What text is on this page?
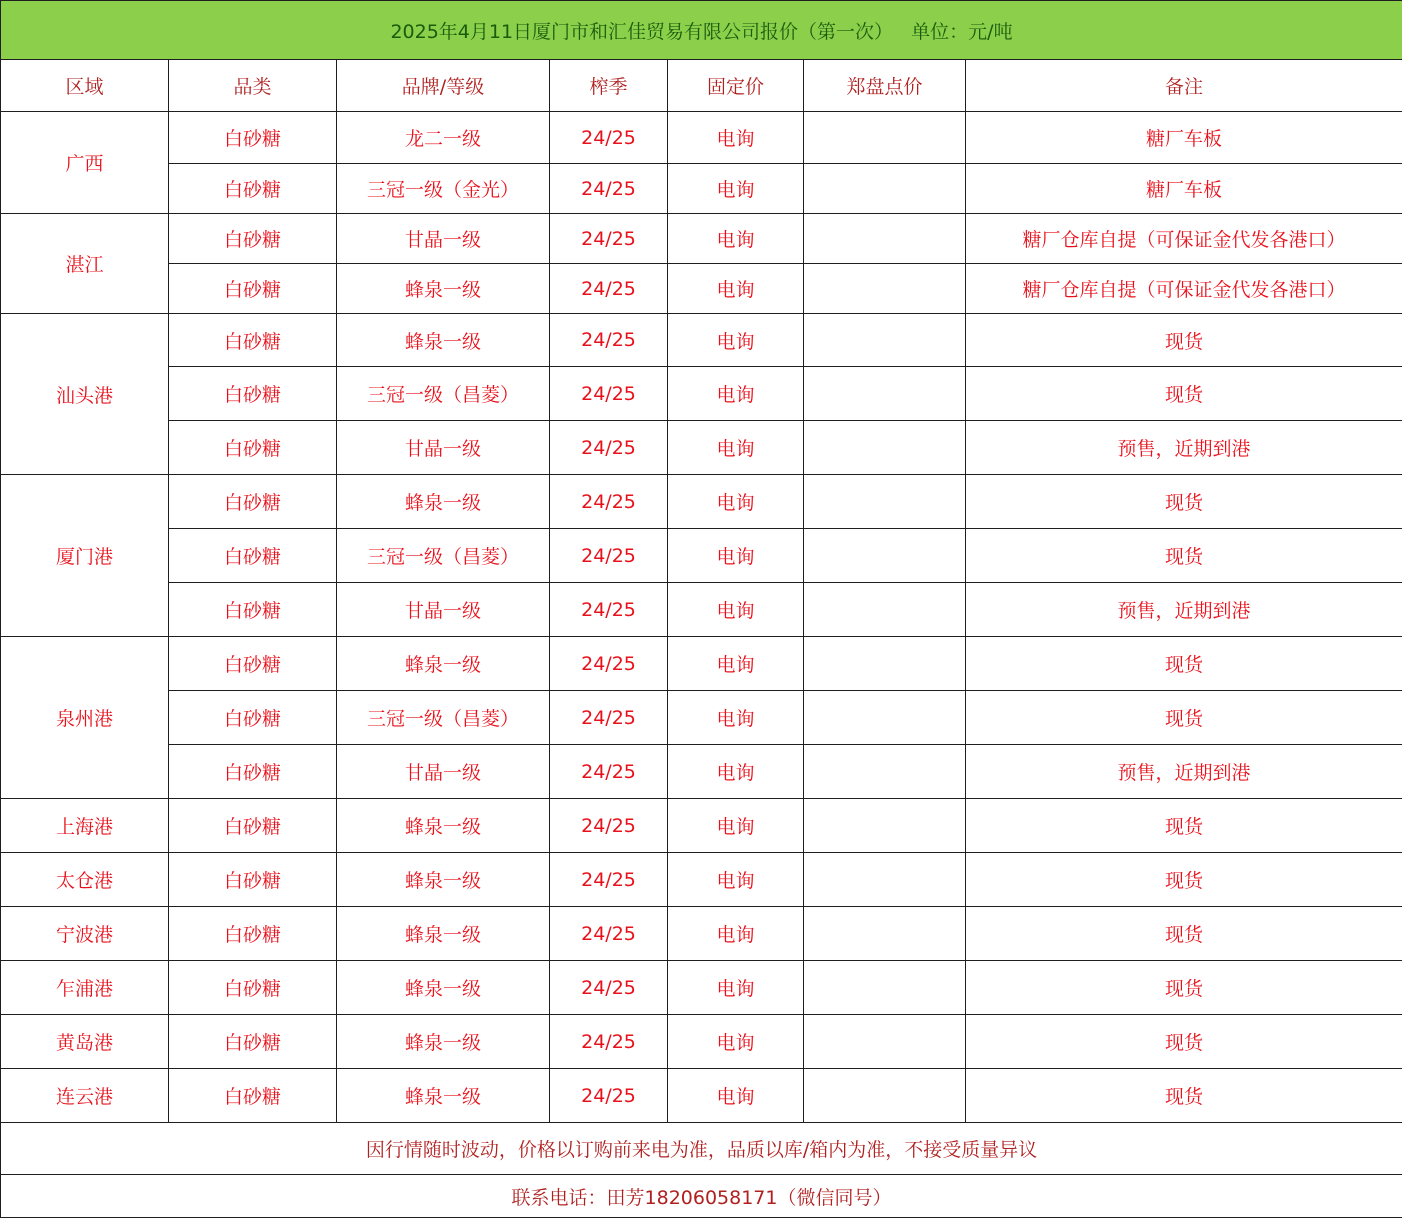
2025年4月11日厦门市和汇佳贸易有限公司报价（第一次）   单位：元/吨						
区域	品类	品牌/等级	榨季	固定价	郑盘点价	备注
广西	白砂糖	龙二一级	24/25	电询		糖厂车板
	白砂糖	三冠一级（金光）	24/25	电询		糖厂车板
湛江	白砂糖	甘晶一级	24/25	电询		糖厂仓库自提（可保证金代发各港口）
	白砂糖	蜂泉一级	24/25	电询		糖厂仓库自提（可保证金代发各港口）
汕头港	白砂糖	蜂泉一级	24/25	电询		现货
	白砂糖	三冠一级（昌菱）	24/25	电询		现货
	白砂糖	甘晶一级	24/25	电询		预售，近期到港
厦门港	白砂糖	蜂泉一级	24/25	电询		现货
	白砂糖	三冠一级（昌菱）	24/25	电询		现货
	白砂糖	甘晶一级	24/25	电询		预售，近期到港
泉州港	白砂糖	蜂泉一级	24/25	电询		现货
	白砂糖	三冠一级（昌菱）	24/25	电询		现货
	白砂糖	甘晶一级	24/25	电询		预售，近期到港
上海港	白砂糖	蜂泉一级	24/25	电询		现货
太仓港	白砂糖	蜂泉一级	24/25	电询		现货
宁波港	白砂糖	蜂泉一级	24/25	电询		现货
乍浦港	白砂糖	蜂泉一级	24/25	电询		现货
黄岛港	白砂糖	蜂泉一级	24/25	电询		现货
连云港	白砂糖	蜂泉一级	24/25	电询		现货
因行情随时波动，价格以订购前来电为准，品质以库/箱内为准，不接受质量异议						
联系电话：田芳18206058171（微信同号）						
